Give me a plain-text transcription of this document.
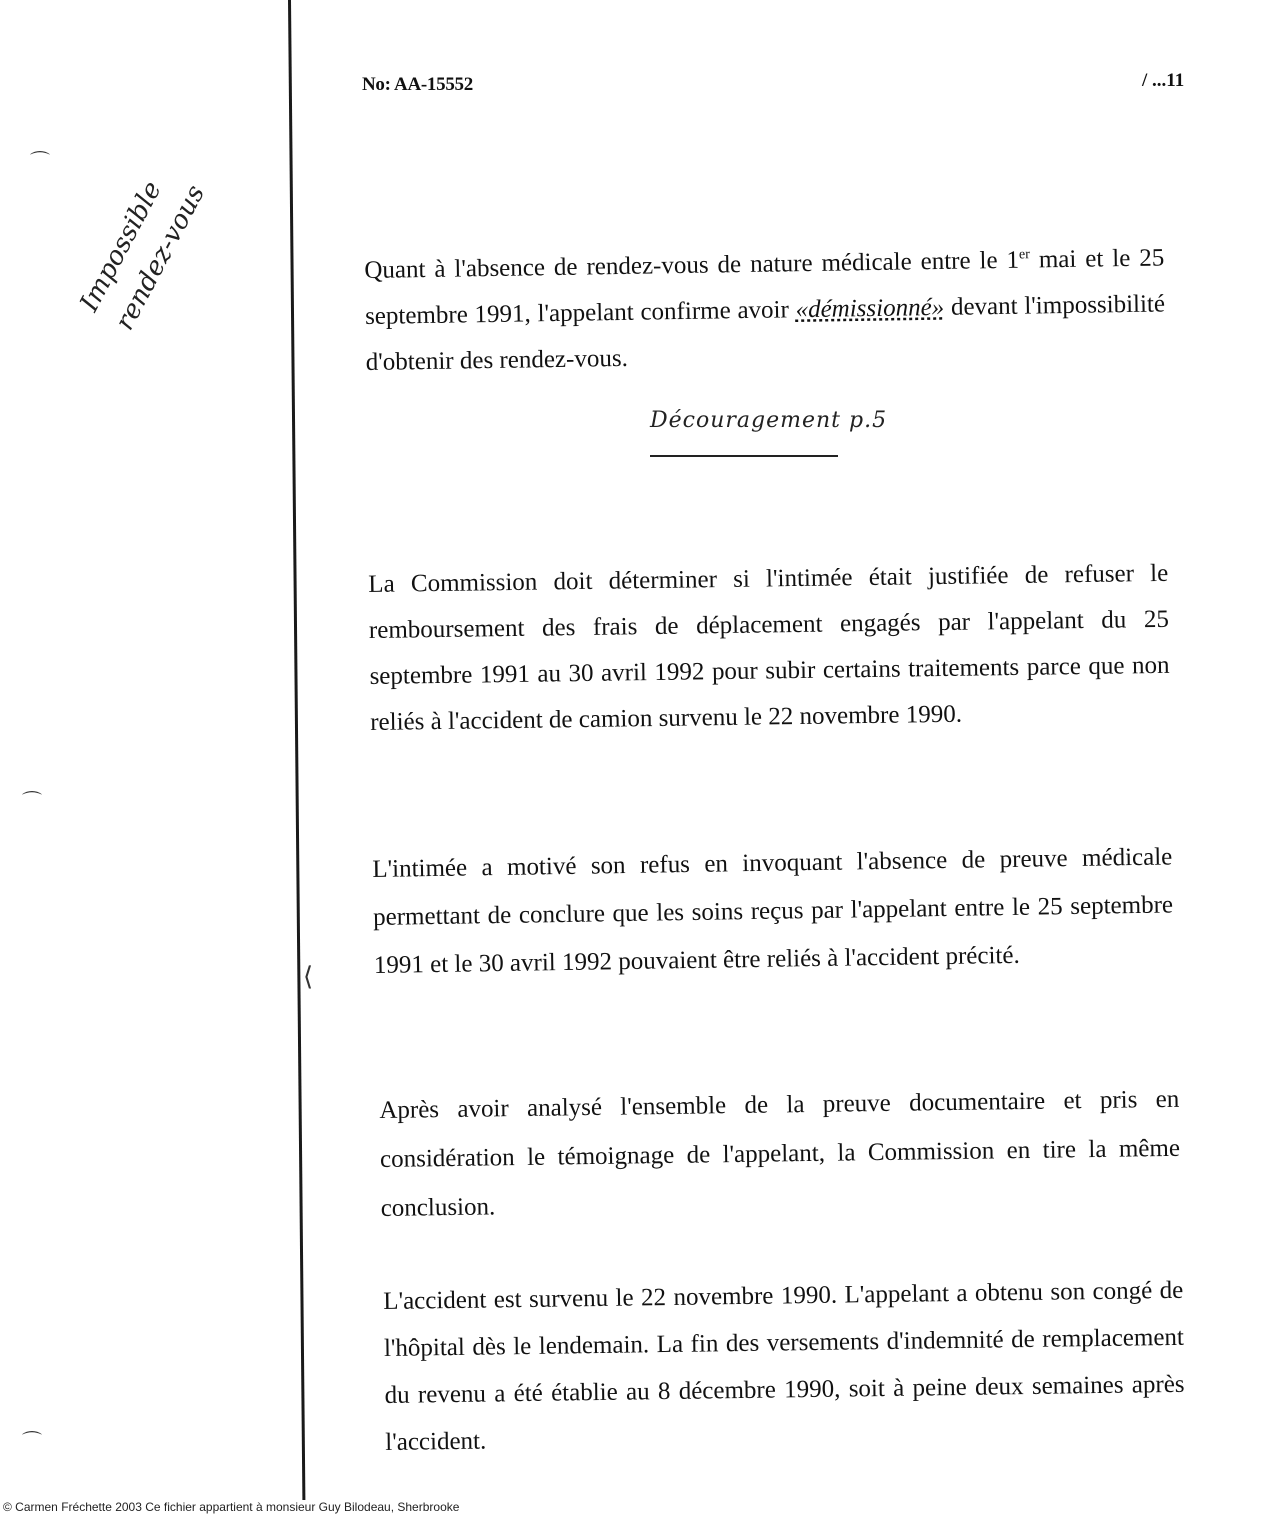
No: AA-15552	/ ...11

Quant à l'absence de rendez-vous de nature médicale entre le 1er mai et le 25 septembre 1991, l'appelant confirme avoir «démissionné» devant l'impossibilité d'obtenir des rendez-vous.

Découragement p.5
Impossible rendez-vous

La Commission doit déterminer si l'intimée était justifiée de refuser le remboursement des frais de déplacement engagés par l'appelant du 25 septembre 1991 au 30 avril 1992 pour subir certains traitements parce que non reliés à l'accident de camion survenu le 22 novembre 1990.

L'intimée a motivé son refus en invoquant l'absence de preuve médicale permettant de conclure que les soins reçus par l'appelant entre le 25 septembre 1991 et le 30 avril 1992 pouvaient être reliés à l'accident précité.

Après avoir analysé l'ensemble de la preuve documentaire et pris en considération le témoignage de l'appelant, la Commission en tire la même conclusion.

L'accident est survenu le 22 novembre 1990. L'appelant a obtenu son congé de l'hôpital dès le lendemain. La fin des versements d'indemnité de remplacement du revenu a été établie au 8 décembre 1990, soit à peine deux semaines après l'accident.

⌒
⌒
⌒
⟨
© Carmen Fréchette 2003 Ce fichier appartient à monsieur Guy Bilodeau, Sherbrooke
